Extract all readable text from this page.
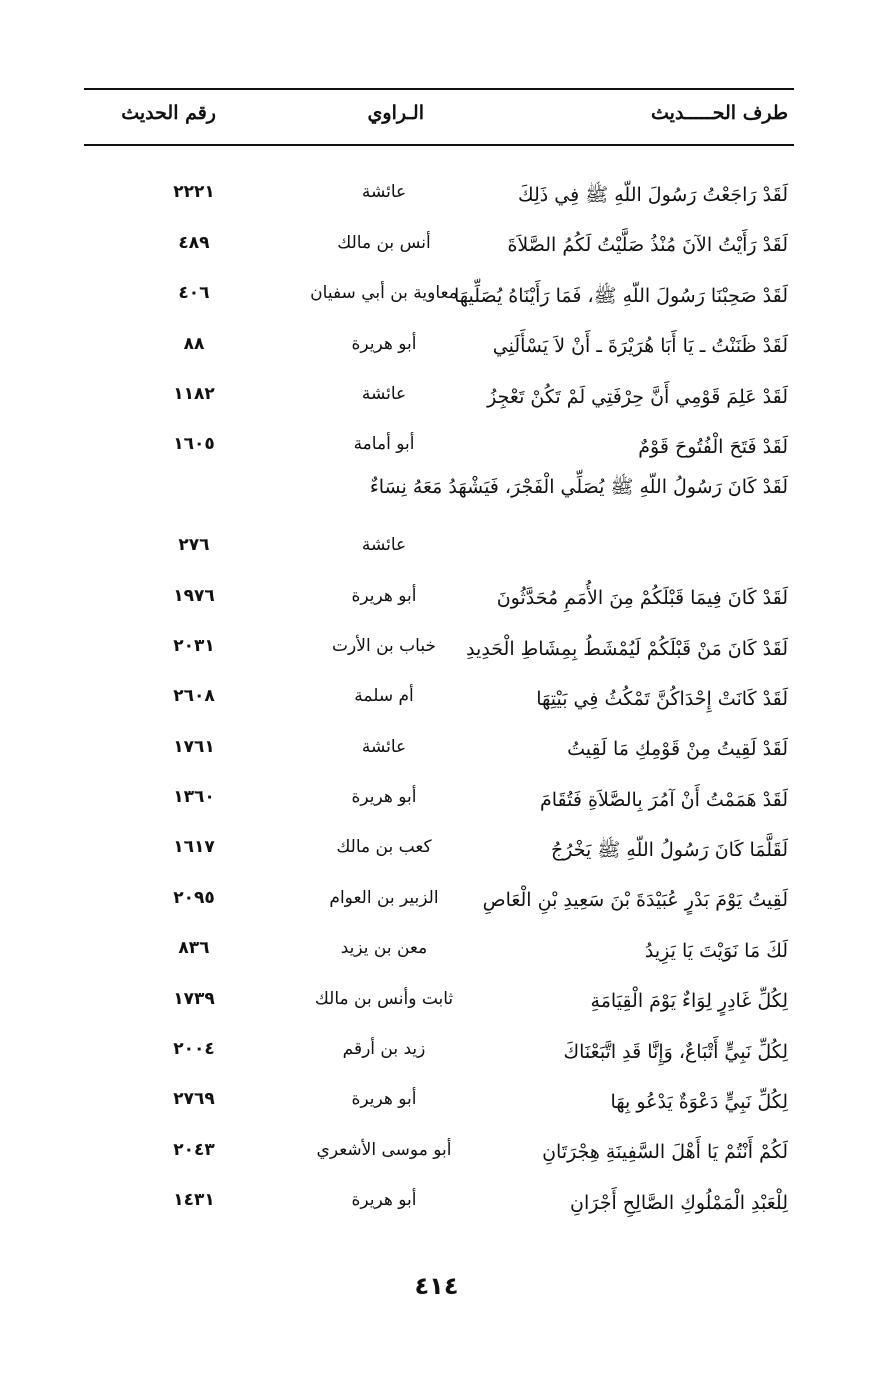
طرف الحـــــديث
الـراوي
رقم الحديث
لَقَدْ رَاجَعْتُ رَسُولَ اللّهِ ﷺ فِي ذَلِكَ
عائشة
٢٢٢١
لَقَدْ رَأَيْتُ الآنَ مُنْذُ صَلَّيْتُ لَكُمُ الصَّلاَةَ
أنس بن مالك
٤٨٩
لَقَدْ صَحِبْنَا رَسُولَ اللّهِ ﷺ، فَمَا رَأَيْنَاهُ يُصَلِّيهَا
معاوية بن أبي سفيان
٤٠٦
لَقَدْ ظَنَنْتُ ـ يَا أَبَا هُرَيْرَةَ ـ أَنْ لاَ يَسْأَلَنِي
أبو هريرة
٨٨
لَقَدْ عَلِمَ قَوْمِي أَنَّ حِرْفَتِي لَمْ تَكُنْ تَعْجِزُ
عائشة
١١٨٢
لَقَدْ فَتَحَ الْفُتُوحَ قَوْمٌ
أبو أمامة
١٦٠٥
لَقَدْ كَانَ رَسُولُ اللّهِ ﷺ يُصَلِّي الْفَجْرَ، فَيَشْهَدُ مَعَهُ نِسَاءٌ
عائشة
٢٧٦
لَقَدْ كَانَ فِيمَا قَبْلَكُمْ مِنَ الأُمَمِ مُحَدَّثُونَ
أبو هريرة
١٩٧٦
لَقَدْ كَانَ مَنْ قَبْلَكُمْ لَيُمْشَطُ بِمِشَاطِ الْحَدِيدِ
خباب بن الأرت
٢٠٣١
لَقَدْ كَانَتْ إِحْدَاكُنَّ تَمْكُثُ فِي بَيْتِهَا
أم سلمة
٢٦٠٨
لَقَدْ لَقِيتُ مِنْ قَوْمِكِ مَا لَقِيتُ
عائشة
١٧٦١
لَقَدْ هَمَمْتُ أَنْ آمُرَ بِالصَّلاَةِ فَتُقَامَ
أبو هريرة
١٣٦٠
لَقَلَّمَا كَانَ رَسُولُ اللّهِ ﷺ يَخْرُجُ
كعب بن مالك
١٦١٧
لَقِيتُ يَوْمَ بَدْرٍ عُبَيْدَةَ بْنَ سَعِيدِ بْنِ الْعَاصِ
الزبير بن العوام
٢٠٩٥
لَكَ مَا نَوَيْتَ يَا يَزِيدُ
معن بن يزيد
٨٣٦
لِكُلِّ غَادِرٍ لِوَاءٌ يَوْمَ الْقِيَامَةِ
ثابت وأنس بن مالك
١٧٣٩
لِكُلِّ نَبِيٍّ أَتْبَاعٌ، وَإِنَّا قَدِ اتَّبَعْنَاكَ
زيد بن أرقم
٢٠٠٤
لِكُلِّ نَبِيٍّ دَعْوَةٌ يَدْعُو بِهَا
أبو هريرة
٢٧٦٩
لَكُمْ أَنْتُمْ يَا أَهْلَ السَّفِينَةِ هِجْرَتَانِ
أبو موسى الأشعري
٢٠٤٣
لِلْعَبْدِ الْمَمْلُوكِ الصَّالِحِ أَجْرَانِ
أبو هريرة
١٤٣١
٤١٤
